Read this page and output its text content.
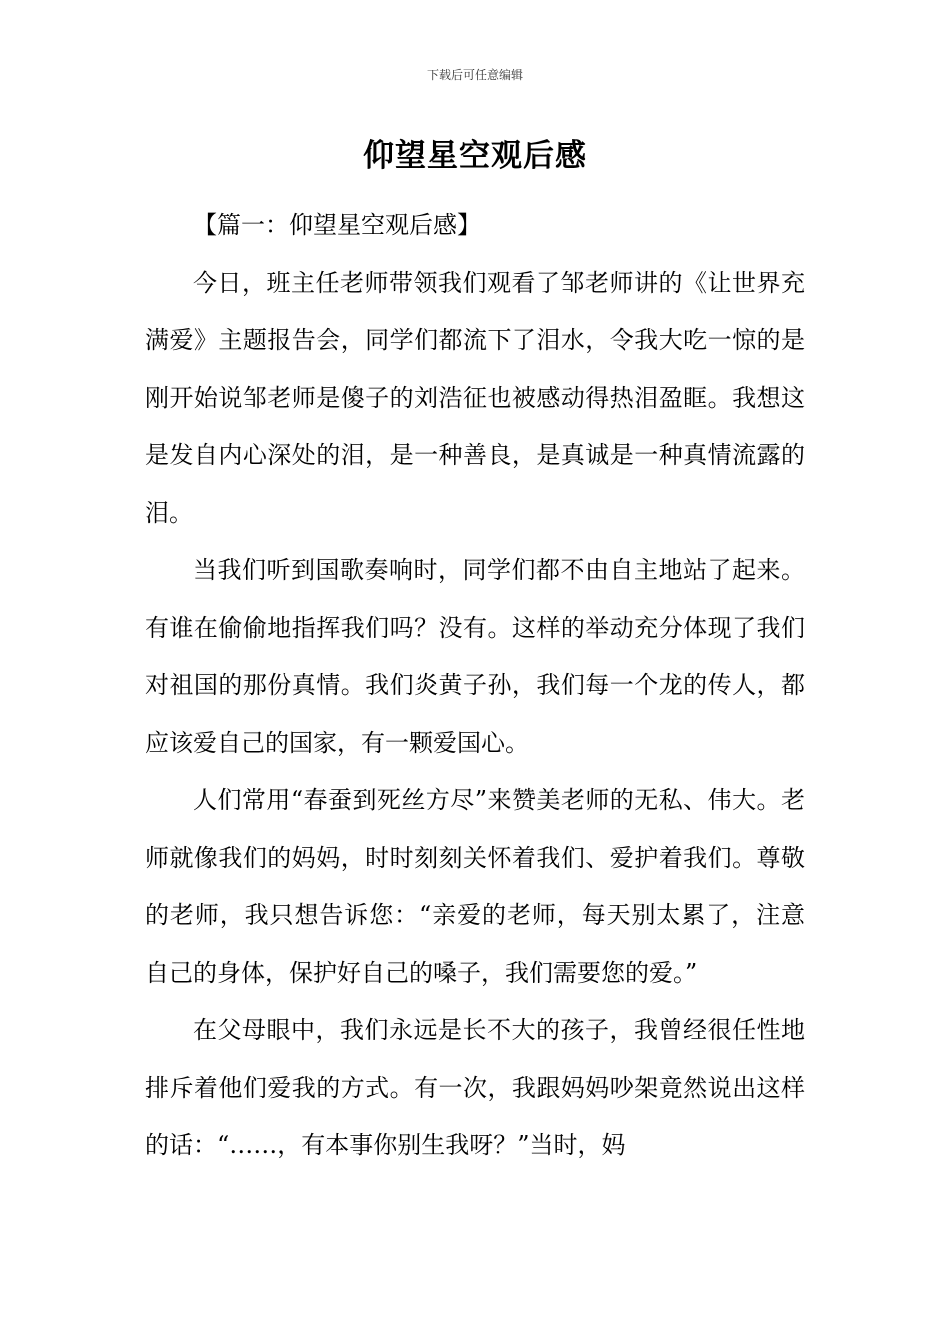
下载后可任意编辑
仰望星空观后感

【篇一：仰望星空观后感】

今日，班主任老师带领我们观看了邹老师讲的《让世界充满爱》主题报告会，同学们都流下了泪水，令我大吃一惊的是刚开始说邹老师是傻子的刘浩征也被感动得热泪盈眶。我想这是发自内心深处的泪，是一种善良，是真诚是一种真情流露的泪。

当我们听到国歌奏响时，同学们都不由自主地站了起来。有谁在偷偷地指挥我们吗？没有。这样的举动充分体现了我们对祖国的那份真情。我们炎黄子孙，我们每一个龙的传人，都应该爱自己的国家，有一颗爱国心。

人们常用“春蚕到死丝方尽”来赞美老师的无私、伟大。老师就像我们的妈妈，时时刻刻关怀着我们、爱护着我们。尊敬的老师，我只想告诉您：“亲爱的老师，每天别太累了，注意自己的身体，保护好自己的嗓子，我们需要您的爱。”

在父母眼中，我们永远是长不大的孩子，我曾经很任性地排斥着他们爱我的方式。有一次，我跟妈妈吵架竟然说出这样的话：“……，有本事你别生我呀？”当时，妈
